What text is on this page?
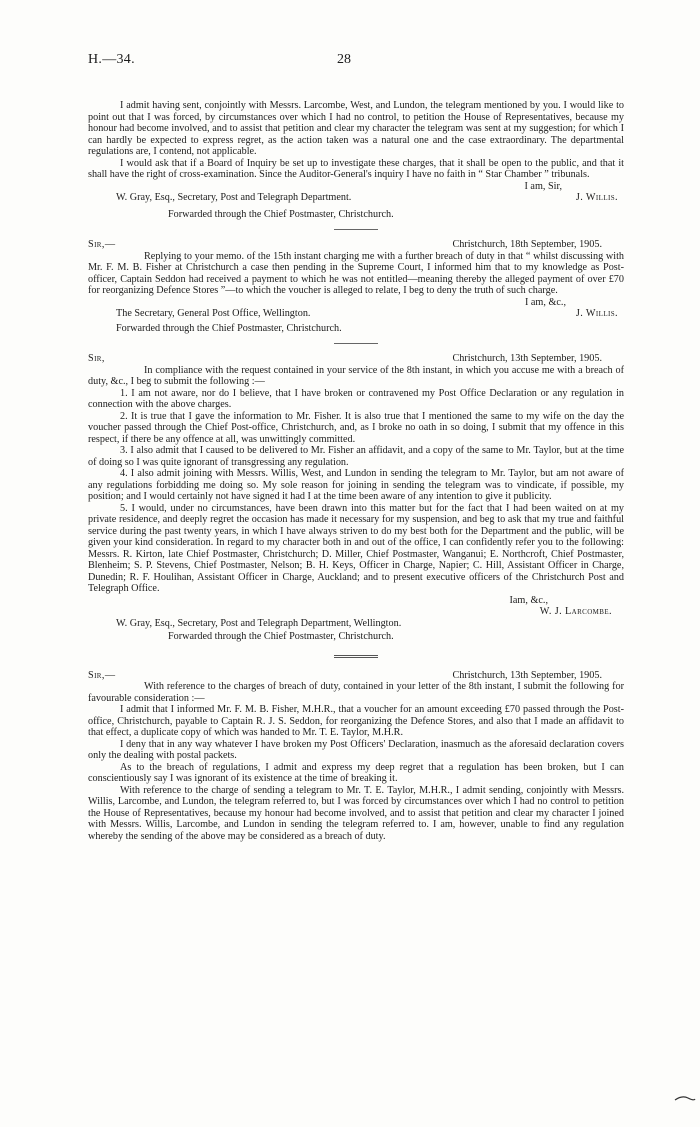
H.—34.	28

I admit having sent, conjointly with Messrs. Larcombe, West, and Lundon, the telegram mentioned by you. I would like to point out that I was forced, by circumstances over which I had no control, to petition the House of Representatives, because my honour had become involved, and to assist that petition and clear my character the telegram was sent at my suggestion; for which I can hardly be expected to express regret, as the action taken was a natural one and the case extraordinary. The departmental regulations are, I contend, not applicable.

I would ask that if a Board of Inquiry be set up to investigate these charges, that it shall be open to the public, and that it shall have the right of cross-examination. Since the Auditor-General's inquiry I have no faith in “ Star Chamber ” tribunals.

I am, Sir,

W. Gray, Esq., Secretary, Post and Telegraph Department.	J. Willis.

Forwarded through the Chief Postmaster, Christchurch.

Sir,—	Christchurch, 18th September, 1905.

Replying to your memo. of the 15th instant charging me with a further breach of duty in that “ whilst discussing with Mr. F. M. B. Fisher at Christchurch a case then pending in the Supreme Court, I informed him that to my knowledge as Post-officer, Captain Seddon had received a payment to which he was not entitled—meaning thereby the alleged payment of over £70 for reorganizing Defence Stores ”—to which the voucher is alleged to relate, I beg to deny the truth of such charge.

I am, &c.,

The Secretary, General Post Office, Wellington.	J. Willis.

Forwarded through the Chief Postmaster, Christchurch.

Sir,	Christchurch, 13th September, 1905.

In compliance with the request contained in your service of the 8th instant, in which you accuse me with a breach of duty, &c., I beg to submit the following :—

1. I am not aware, nor do I believe, that I have broken or contravened my Post Office Declaration or any regulation in connection with the above charges.

2. It is true that I gave the information to Mr. Fisher. It is also true that I mentioned the same to my wife on the day the voucher passed through the Chief Post-office, Christchurch, and, as I broke no oath in so doing, I submit that my offence in this respect, if there be any offence at all, was unwittingly committed.

3. I also admit that I caused to be delivered to Mr. Fisher an affidavit, and a copy of the same to Mr. Taylor, but at the time of doing so I was quite ignorant of transgressing any regulation.

4. I also admit joining with Messrs. Willis, West, and Lundon in sending the telegram to Mr. Taylor, but am not aware of any regulations forbidding me doing so. My sole reason for joining in sending the telegram was to vindicate, if possible, my position; and I would certainly not have signed it had I at the time been aware of any intention to give it publicity.

5. I would, under no circumstances, have been drawn into this matter but for the fact that I had been waited on at my private residence, and deeply regret the occasion has made it necessary for my suspension, and beg to ask that my true and faithful service during the past twenty years, in which I have always striven to do my best both for the Department and the public, will be given your kind consideration. In regard to my character both in and out of the office, I can confidently refer you to the following: Messrs. R. Kirton, late Chief Postmaster, Christchurch; D. Miller, Chief Postmaster, Wanganui; E. Northcroft, Chief Postmaster, Blenheim; S. P. Stevens, Chief Postmaster, Nelson; B. H. Keys, Officer in Charge, Napier; C. Hill, Assistant Officer in Charge, Dunedin; R. F. Houlihan, Assistant Officer in Charge, Auckland; and to present executive officers of the Christchurch Post and Telegraph Office.

Iam, &c.,

W. J. Larcombe.

W. Gray, Esq., Secretary, Post and Telegraph Department, Wellington.

Forwarded through the Chief Postmaster, Christchurch.

Sir,—	Christchurch, 13th September, 1905.

With reference to the charges of breach of duty, contained in your letter of the 8th instant, I submit the following for favourable consideration :—

I admit that I informed Mr. F. M. B. Fisher, M.H.R., that a voucher for an amount exceeding £70 passed through the Post-office, Christchurch, payable to Captain R. J. S. Seddon, for reorganizing the Defence Stores, and also that I made an affidavit to that effect, a duplicate copy of which was handed to Mr. T. E. Taylor, M.H.R.

I deny that in any way whatever I have broken my Post Officers' Declaration, inasmuch as the aforesaid declaration covers only the dealing with postal packets.

As to the breach of regulations, I admit and express my deep regret that a regulation has been broken, but I can conscientiously say I was ignorant of its existence at the time of breaking it.

With reference to the charge of sending a telegram to Mr. T. E. Taylor, M.H.R., I admit sending, conjointly with Messrs. Willis, Larcombe, and Lundon, the telegram referred to, but I was forced by circumstances over which I had no control to petition the House of Representatives, because my honour had become involved, and to assist that petition and clear my character I joined with Messrs. Willis, Larcombe, and Lundon in sending the telegram referred to. I am, however, unable to find any regulation whereby the sending of the above may be considered as a breach of duty.
